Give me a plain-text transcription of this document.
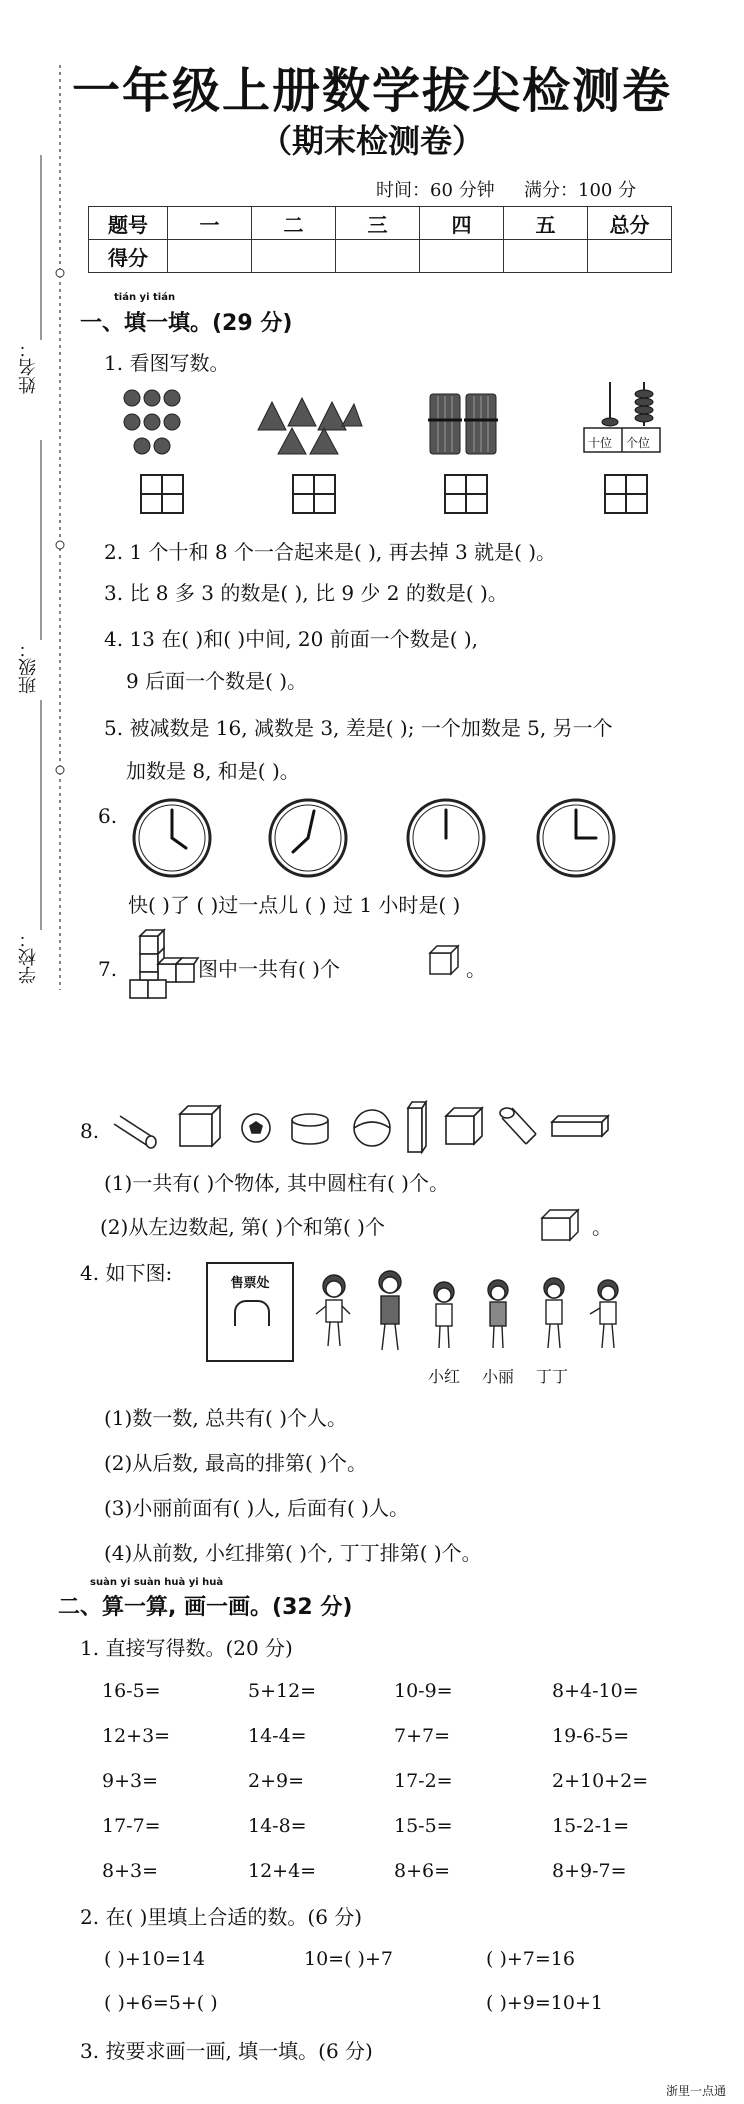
姓名：
班级：
学校：
一年级上册数学拔尖检测卷
（期末检测卷）
时间：60 分钟 满分：100 分
题号	一	二	三	四	五	总分
得分						
tián yi tián
一、填一填。(29 分)
1. 看图写数。
十位 个位
2. 1 个十和 8 个一合起来是( ), 再去掉 3 就是( )。
3. 比 8 多 3 的数是( ), 比 9 少 2 的数是( )。
4. 13 在( )和( )中间, 20 前面一个数是( ),
9 后面一个数是( )。
5. 被减数是 16, 减数是 3, 差是( ); 一个加数是 5, 另一个
加数是 8, 和是( )。
6.
快( )了 ( )过一点儿 ( ) 过 1 小时是( )
7.	图中一共有( )个	。
8.
(1)一共有( )个物体, 其中圆柱有( )个。
(2)从左边数起, 第( )个和第( )个	。
4. 如下图:	售票处
小红 小丽 丁丁
(1)数一数, 总共有( )个人。
(2)从后数, 最高的排第( )个。
(3)小丽前面有( )人, 后面有( )人。
(4)从前数, 小红排第( )个, 丁丁排第( )个。
suàn yi suàn huà yi huà
二、算一算, 画一画。(32 分)
1. 直接写得数。(20 分)
16-5=	5+12=	10-9=	8+4-10=
12+3=	14-4=	7+7=	19-6-5=
9+3=	2+9=	17-2=	2+10+2=
17-7=	14-8=	15-5=	15-2-1=
8+3=	12+4=	8+6=	8+9-7=
2. 在( )里填上合适的数。(6 分)
( )+10=14	10=( )+7	( )+7=16
( )+6=5+( )	( )+9=10+1
3. 按要求画一画, 填一填。(6 分)
浙里一点通
